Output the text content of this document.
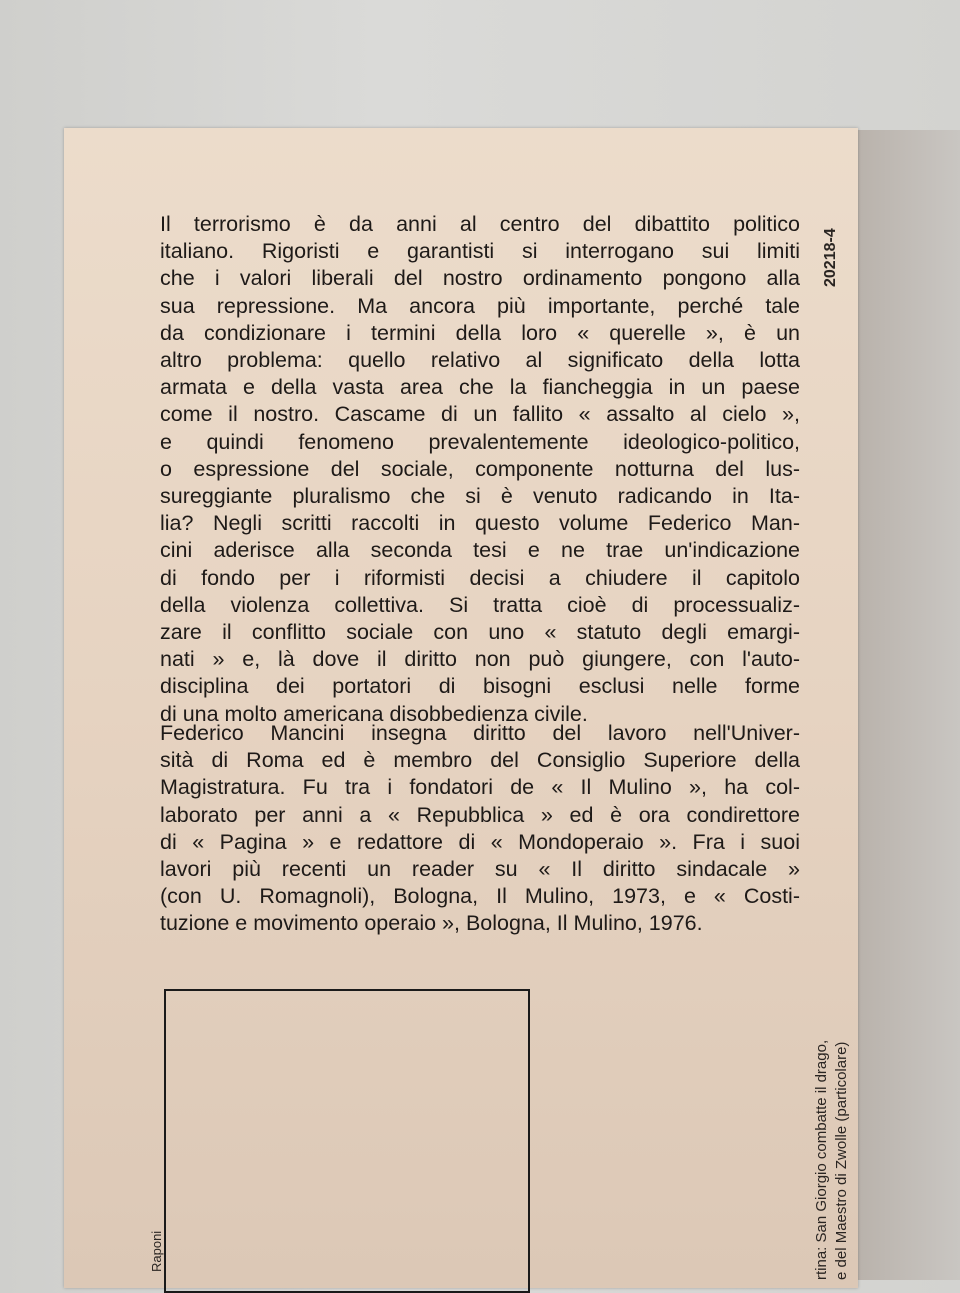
Il terrorismo è da anni al centro del dibattito politico
italiano. Rigoristi e garantisti si interrogano sui limiti
che i valori liberali del nostro ordinamento pongono alla
sua repressione. Ma ancora più importante, perché tale
da condizionare i termini della loro « querelle », è un
altro problema: quello relativo al significato della lotta
armata e della vasta area che la fiancheggia in un paese
come il nostro. Cascame di un fallito « assalto al cielo »,
e quindi fenomeno prevalentemente ideologico-politico,
o espressione del sociale, componente notturna del lus-
sureggiante pluralismo che si è venuto radicando in Ita-
lia? Negli scritti raccolti in questo volume Federico Man-
cini aderisce alla seconda tesi e ne trae un'indicazione
di fondo per i riformisti decisi a chiudere il capitolo
della violenza collettiva. Si tratta cioè di processualiz-
zare il conflitto sociale con uno « statuto degli emargi-
nati » e, là dove il diritto non può giungere, con l'auto-
disciplina dei portatori di bisogni esclusi nelle forme
di una molto americana disobbedienza civile.
Federico Mancini insegna diritto del lavoro nell'Univer-
sità di Roma ed è membro del Consiglio Superiore della
Magistratura. Fu tra i fondatori de « Il Mulino », ha col-
laborato per anni a « Repubblica » ed è ora condirettore
di « Pagina » e redattore di « Mondoperaio ». Fra i suoi
lavori più recenti un reader su « Il diritto sindacale »
(con U. Romagnoli), Bologna, Il Mulino, 1973, e « Costi-
tuzione e movimento operaio », Bologna, Il Mulino, 1976.
20218-4
Raponi	rtina: San Giorgio combatte il drago, e del Maestro di Zwolle (particolare)
